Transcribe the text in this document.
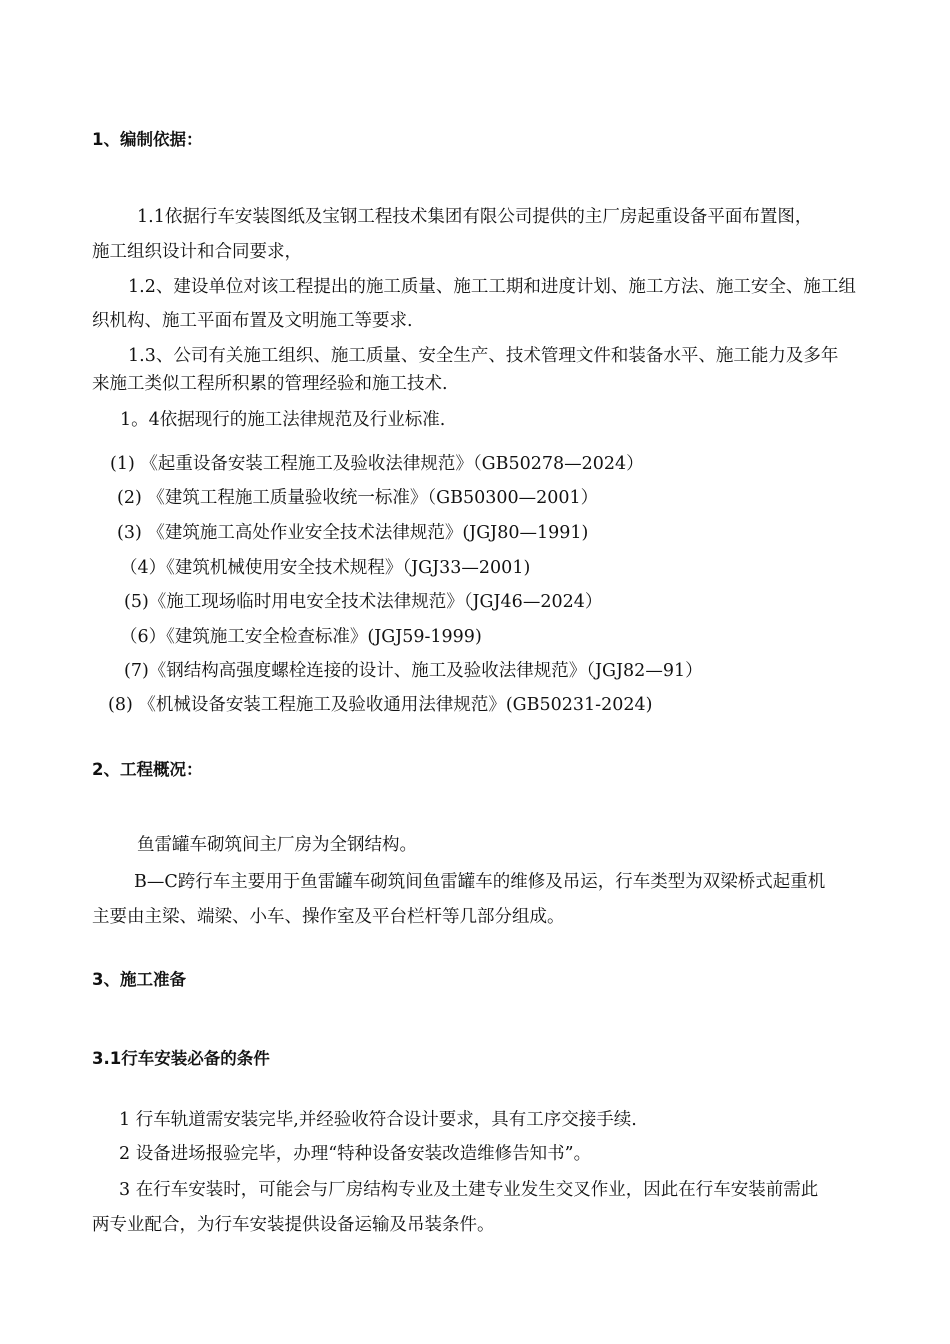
1、编制依据：
1.1依据行车安装图纸及宝钢工程技术集团有限公司提供的主厂房起重设备平面布置图，
施工组织设计和合同要求，
1.2、建设单位对该工程提出的施工质量、施工工期和进度计划、施工方法、施工安全、施工组
织机构、施工平面布置及文明施工等要求.
1.3、公司有关施工组织、施工质量、安全生产、技术管理文件和装备水平、施工能力及多年
来施工类似工程所积累的管理经验和施工技术.
1。4依据现行的施工法律规范及行业标准.
(1) 《起重设备安装工程施工及验收法律规范》（GB50278—2024）
(2) 《建筑工程施工质量验收统一标准》（GB50300—2001）
(3) 《建筑施工高处作业安全技术法律规范》(JGJ80—1991)
（4）《建筑机械使用安全技术规程》（JGJ33—2001)
(5)《施工现场临时用电安全技术法律规范》（JGJ46—2024）
（6）《建筑施工安全检查标准》(JGJ59-1999)
(7)《钢结构高强度螺栓连接的设计、施工及验收法律规范》（JGJ82—91）
(8) 《机械设备安装工程施工及验收通用法律规范》(GB50231-2024)
2、工程概况：
鱼雷罐车砌筑间主厂房为全钢结构。
B—C跨行车主要用于鱼雷罐车砌筑间鱼雷罐车的维修及吊运，行车类型为双梁桥式起重机
主要由主梁、端梁、小车、操作室及平台栏杆等几部分组成。
3、施工准备
3.1行车安装必备的条件
1 行车轨道需安装完毕,并经验收符合设计要求，具有工序交接手续.
2 设备进场报验完毕，办理“特种设备安装改造维修告知书”。
3 在行车安装时，可能会与厂房结构专业及土建专业发生交叉作业，因此在行车安装前需此
两专业配合，为行车安装提供设备运输及吊装条件。
